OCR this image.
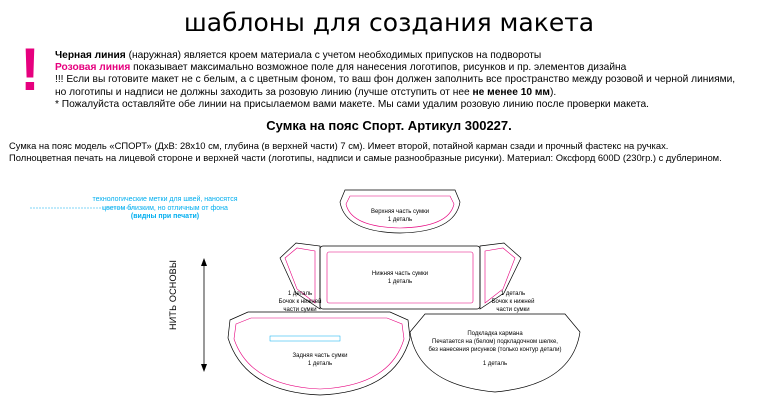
шаблоны для создания макета
! Черная линия (наружная) является кроем материала с учетом необходимых припусков на подвороты
Розовая линия показывает максимально возможное поле для нанесения логотипов, рисунков и пр. элементов дизайна
!!! Если вы готовите макет не с белым, а с цветным фоном, то ваш фон должен заполнить все пространство между розовой и черной линиями,
но логотипы и надписи не должны заходить за розовую линию (лучше отступить от нее не менее 10 мм).
* Пожалуйста оставляйте обе линии на присылаемом вами макете. Мы сами удалим розовую линию после проверки макета.
Сумка на пояс Спорт. Артикул 300227.
Сумка на пояс модель «СПОРТ» (ДхВ: 28х10 см, глубина (в верхней части) 7 см). Имеет второй, потайной карман сзади и прочный фастекс на ручках.
Полноцветная печать на лицевой стороне и верхней части (логотипы, надписи и самые разнообразные рисунки). Материал: Оксфорд 600D (230гр.) с дублерином.
технологические метки для швей, наносятся
цветом близким, но отличным от фона
(видны при печати)
Верхняя часть сумки
1 деталь
Нижняя часть сумки
1 деталь
1 деталь
Бочок к нижней
части сумки
1 деталь
Бочок к нижней
части сумки
Задняя часть сумки
1 деталь
Подкладка кармана
Печатается на (белом) подкладочном шелке,
без нанесения рисунков (только контур детали)
1 деталь
НИТЬ ОСНОВЫ
